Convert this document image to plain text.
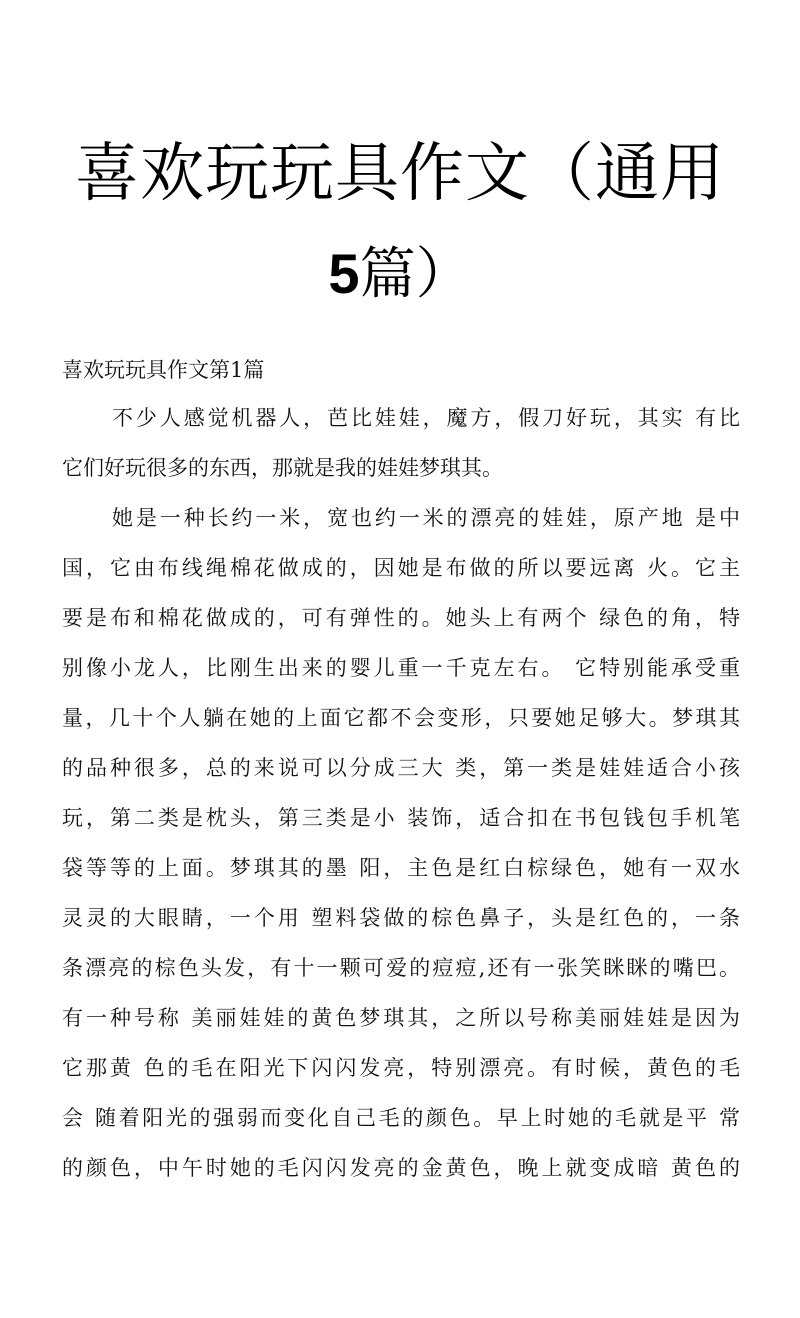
喜欢玩玩具作文（通用
5篇）

喜欢玩玩具作文第1篇

不少人感觉机器人，芭比娃娃，魔方，假刀好玩，其实 有比

它们好玩很多的东西，那就是我的娃娃梦琪其。

她是一种长约一米，宽也约一米的漂亮的娃娃，原产地 是中

国，它由布线绳棉花做成的，因她是布做的所以要远离 火。它主

要是布和棉花做成的，可有弹性的。她头上有两个 绿色的角，特

别像小龙人，比刚生出来的婴儿重一千克左右。 它特别能承受重

量，几十个人躺在她的上面它都不会变形，只要她足够大。梦琪其

的品种很多，总的来说可以分成三大 类，第一类是娃娃适合小孩

玩，第二类是枕头，第三类是小 装饰，适合扣在书包钱包手机笔

袋等等的上面。梦琪其的墨 阳，主色是红白棕绿色，她有一双水

灵灵的大眼睛，一个用 塑料袋做的棕色鼻子，头是红色的，一条

条漂亮的棕色头发，有十一颗可爱的痘痘,还有一张笑眯眯的嘴巴。

有一种号称 美丽娃娃的黄色梦琪其，之所以号称美丽娃娃是因为

它那黄 色的毛在阳光下闪闪发亮，特别漂亮。有时候，黄色的毛

会 随着阳光的强弱而变化自己毛的颜色。早上时她的毛就是平 常

的颜色，中午时她的毛闪闪发亮的金黄色，晚上就变成暗 黄色的
